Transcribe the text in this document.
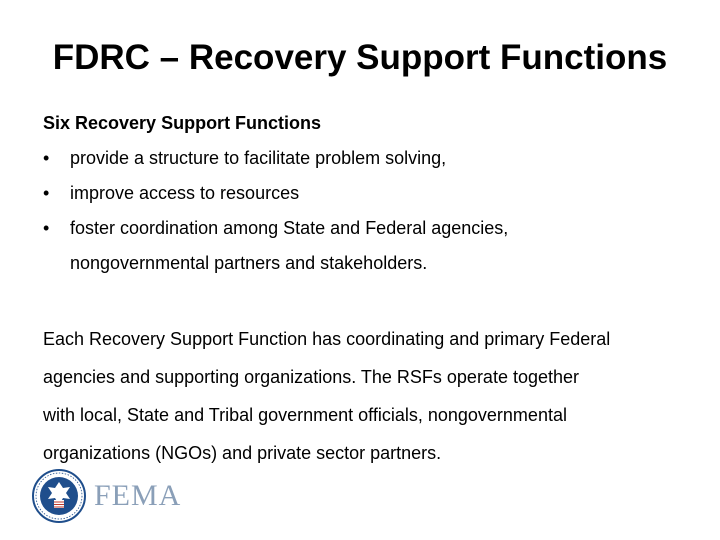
FDRC – Recovery Support Functions
Six Recovery Support Functions
• provide a structure to facilitate problem solving,
• improve access to resources
• foster coordination among State and Federal agencies,
nongovernmental partners and stakeholders.
Each Recovery Support Function has coordinating and primary Federal
agencies and supporting organizations. The RSFs operate together
with local, State and Tribal government officials, nongovernmental
organizations (NGOs) and private sector partners.
FEMA
